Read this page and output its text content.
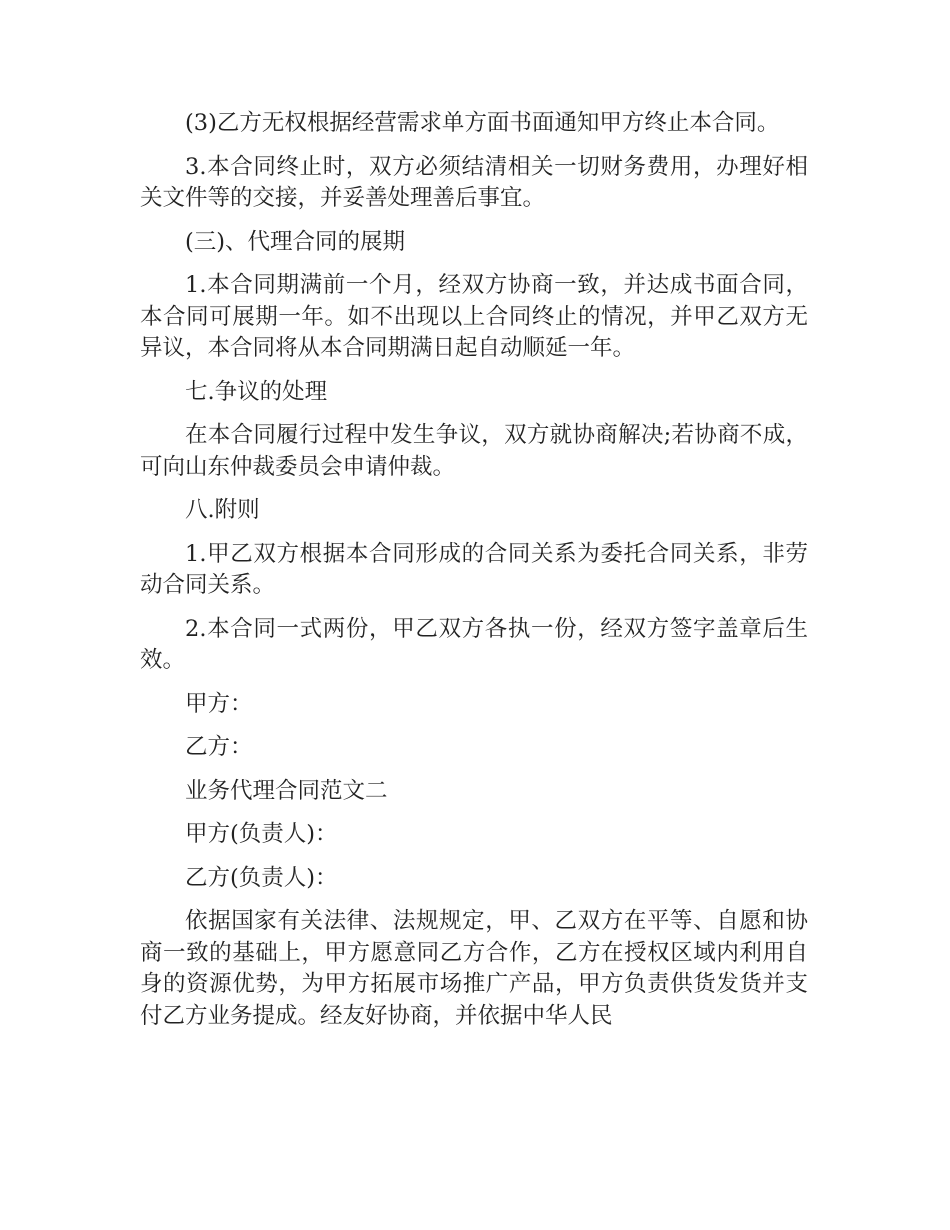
(3)乙方无权根据经营需求单方面书面通知甲方终止本合同。

3.本合同终止时，双方必须结清相关一切财务费用，办理好相关文件等的交接，并妥善处理善后事宜。

(三)、代理合同的展期

1.本合同期满前一个月，经双方协商一致，并达成书面合同，本合同可展期一年。如不出现以上合同终止的情况，并甲乙双方无异议，本合同将从本合同期满日起自动顺延一年。

七.争议的处理

在本合同履行过程中发生争议，双方就协商解决;若协商不成，可向山东仲裁委员会申请仲裁。

八.附则

1.甲乙双方根据本合同形成的合同关系为委托合同关系，非劳动合同关系。

2.本合同一式两份，甲乙双方各执一份，经双方签字盖章后生效。

甲方：

乙方：

业务代理合同范文二

甲方(负责人)：

乙方(负责人)：

依据国家有关法律、法规规定，甲、乙双方在平等、自愿和协商一致的基础上，甲方愿意同乙方合作，乙方在授权区域内利用自身的资源优势，为甲方拓展市场推广产品，甲方负责供货发货并支付乙方业务提成。经友好协商，并依据中华人民
